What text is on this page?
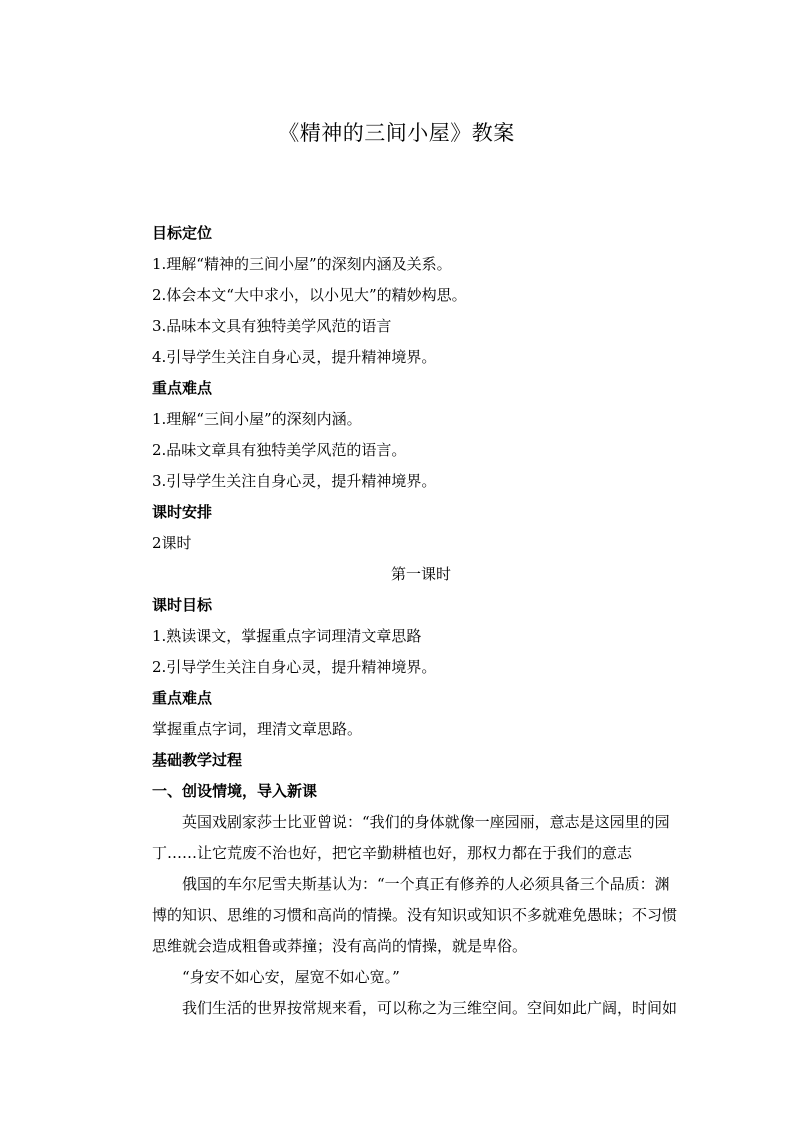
《精神的三间小屋》教案
目标定位
1.理解“精神的三间小屋”的深刻内涵及关系。
2.体会本文“大中求小，以小见大”的精妙构思。
3.品味本文具有独特美学风范的语言
4.引导学生关注自身心灵，提升精神境界。
重点难点
1.理解“三间小屋”的深刻内涵。
2.品味文章具有独特美学风范的语言。
3.引导学生关注自身心灵，提升精神境界。
课时安排
2课时
第一课时
课时目标
1.熟读课文，掌握重点字词理清文章思路
2.引导学生关注自身心灵，提升精神境界。
重点难点
掌握重点字词，理清文章思路。
基础教学过程
一、创设情境，导入新课
　　英国戏剧家莎士比亚曾说：“我们的身体就像一座园丽，意志是这园里的园
丁……让它荒废不治也好，把它辛勤耕植也好，那权力都在于我们的意志
　　俄国的车尔尼雪夫斯基认为：“一个真正有修养的人必须具备三个品质：渊
博的知识、思维的习惯和高尚的情操。没有知识或知识不多就难免愚昧；不习惯
思维就会造成粗鲁或莽撞；没有高尚的情操，就是卑俗。
　　“身安不如心安，屋宽不如心宽。”
　　我们生活的世界按常规来看，可以称之为三维空间。空间如此广阔，时间如
